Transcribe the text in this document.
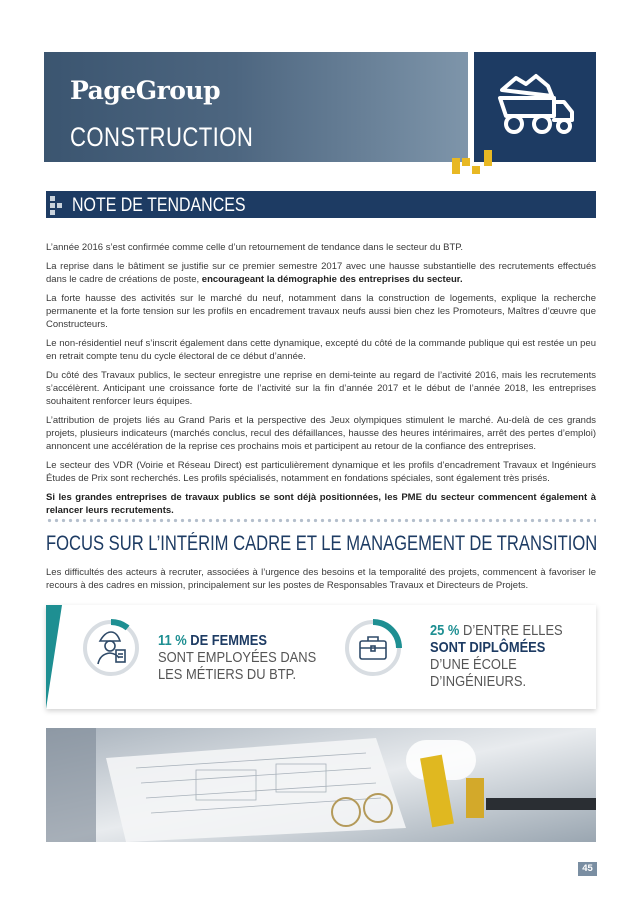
PageGroup
CONSTRUCTION
NOTE DE TENDANCES

L’année 2016 s’est confirmée comme celle d’un retournement de tendance dans le secteur du BTP.

La reprise dans le bâtiment se justifie sur ce premier semestre 2017 avec une hausse substantielle des recrutements effectués dans le cadre de créations de poste, encourageant la démographie des entreprises du secteur.

La forte hausse des activités sur le marché du neuf, notamment dans la construction de logements, explique la recherche permanente et la forte tension sur les profils en encadrement travaux neufs aussi bien chez les Promoteurs, Maîtres d’œuvre que Constructeurs.

Le non-résidentiel neuf s’inscrit également dans cette dynamique, excepté du côté de la commande publique qui est restée un peu en retrait compte tenu du cycle électoral de ce début d’année.

Du côté des Travaux publics, le secteur enregistre une reprise en demi-teinte au regard de l’activité 2016, mais les recrutements s’accélèrent. Anticipant une croissance forte de l’activité sur la fin d’année 2017 et le début de l’année 2018, les entreprises souhaitent renforcer leurs équipes.

L’attribution de projets liés au Grand Paris et la perspective des Jeux olympiques stimulent le marché. Au-delà de ces grands projets, plusieurs indicateurs (marchés conclus, recul des défaillances, hausse des heures intérimaires, arrêt des pertes d’emploi) annoncent une accélération de la reprise ces prochains mois et participent au retour de la confiance des entreprises.

Le secteur des VDR (Voirie et Réseau Direct) est particulièrement dynamique et les profils d’encadrement Travaux et Ingénieurs Études de Prix sont recherchés. Les profils spécialisés, notamment en fondations spéciales, sont également très prisés.

Si les grandes entreprises de travaux publics se sont déjà positionnées, les PME du secteur commencent également à relancer leurs recrutements.

FOCUS SUR L’INTÉRIM CADRE ET LE MANAGEMENT DE TRANSITION
Les difficultés des acteurs à recruter, associées à l’urgence des besoins et la temporalité des projets, commencent à favoriser le recours à des cadres en mission, principalement sur les postes de Responsables Travaux et Directeurs de Projets.
11 % DE FEMMES
SONT EMPLOYÉES DANS
LES MÉTIERS DU BTP.
25 % D’ENTRE ELLES
SONT DIPLÔMÉES
D’UNE ÉCOLE
D’INGÉNIEURS.
45
